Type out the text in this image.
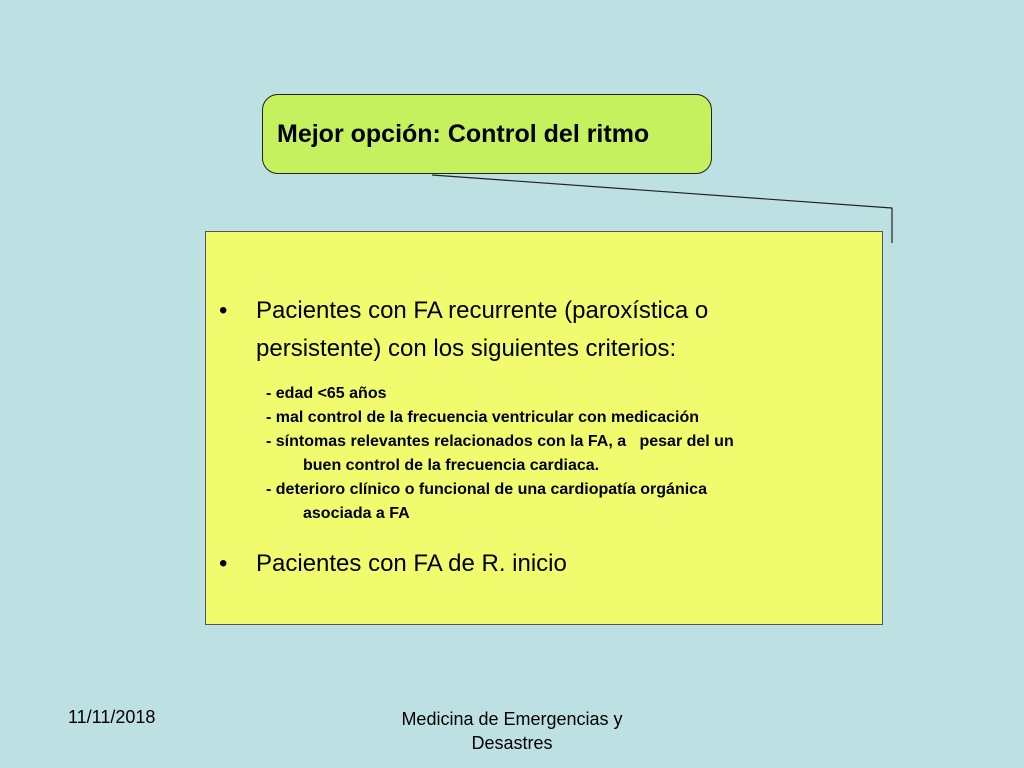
Mejor opción: Control del ritmo
• Pacientes con FA recurrente (paroxística o
persistente) con los siguientes criterios:
- edad <65 años
- mal control de la frecuencia ventricular con medicación
- síntomas relevantes relacionados con la FA, a   pesar del un
buen control de la frecuencia cardiaca.
- deterioro clínico o funcional de una cardiopatía orgánica
asociada a FA
• Pacientes con FA de R. inicio
11/11/2018	Medicina de Emergencias y
Desastres
